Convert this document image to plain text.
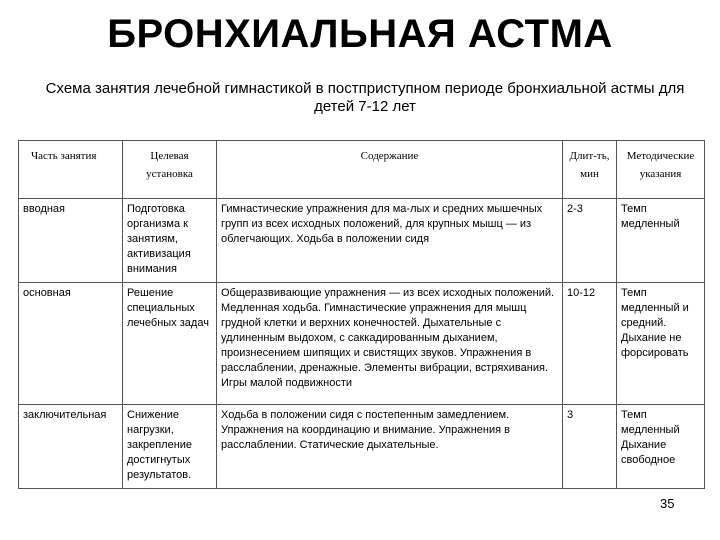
БРОНХИАЛЬНАЯ АСТМА

Схема занятия лечебной гимнастикой в постприступном периоде бронхиальной астмы для детей 7-12 лет

Часть занятия	Целевая установка	Содержание	Длит-ть, мин	Методические указания
вводная	Подготовка организма к занятиям, активизация внимания	Гимнастические упражнения для ма-лых и средних мышечных групп из всех исходных положений, для крупных мышц — из облегчающих. Ходьба в положении сидя	2-3	Темп медленный
основная	Решение специальных лечебных задач	Общеразвивающие упражнения — из всех исходных положений. Медленная ходьба. Гимнастические упражнения для мышц грудной клетки и верхних конечностей. Дыхательные с удлиненным выдохом, с саккадированным дыханием, произнесением шипящих и свистящих звуков. Упражнения в расслаблении, дренажные. Элементы вибрации, встряхивания. Игры малой подвижности	10-12	Темп медленный и средний. Дыхание не форсировать
заключительная	Снижение нагрузки, закрепление достигнутых результатов.	Ходьба в положении сидя с постепенным замедлением. Упражнения на координацию и внимание. Упражнения в расслаблении. Статические дыхательные.	3	Темп медленный Дыхание свободное
35
